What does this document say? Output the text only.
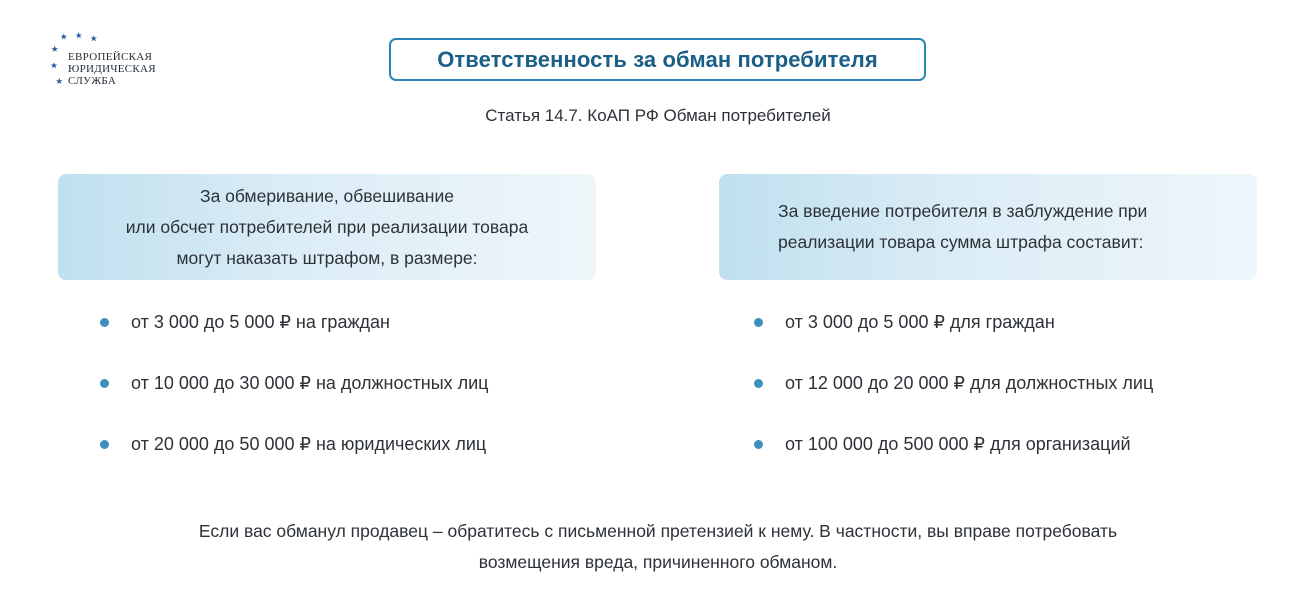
ЕВРОПЕЙСКАЯ
ЮРИДИЧЕСКАЯ
СЛУЖБА
Ответственность за обман потребителя
Статья 14.7. КоАП РФ Обман потребителей
За обмеривание, обвешивание
или обсчет потребителей при реализации товара
могут наказать штрафом, в размере:
За введение потребителя в заблуждение при
реализации товара сумма штрафа составит:
от 3 000 до 5 000 ₽ на граждан
от 10 000 до 30 000 ₽ на должностных лиц
от 20 000 до 50 000 ₽ на юридических лиц
от 3 000 до 5 000 ₽ для граждан
от 12 000 до 20 000 ₽ для должностных лиц
от 100 000 до 500 000 ₽ для организаций
Если вас обманул продавец – обратитесь с письменной претензией к нему. В частности, вы вправе потребовать
возмещения вреда, причиненного обманом.
